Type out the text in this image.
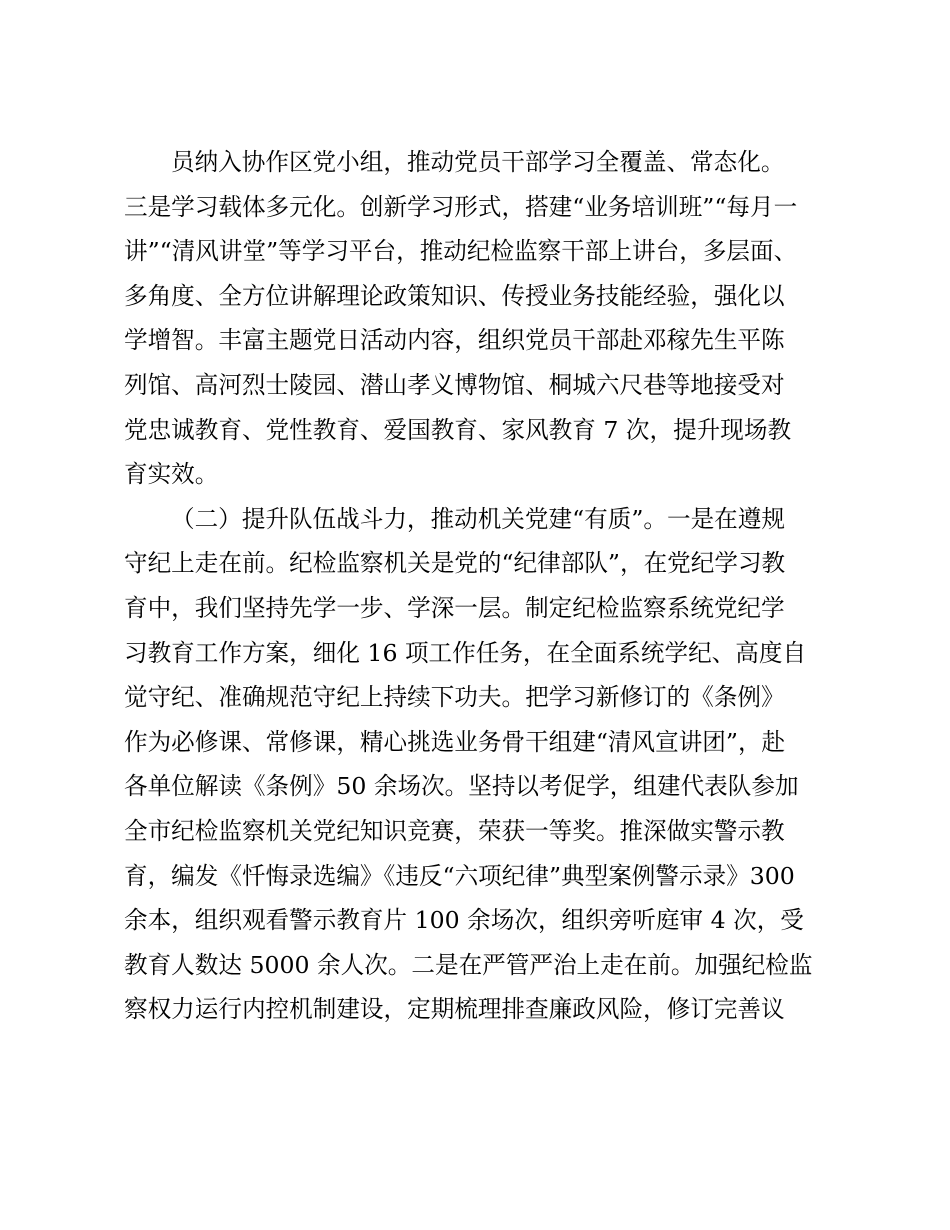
员纳入协作区党小组，推动党员干部学习全覆盖、常态化。
三是学习载体多元化。创新学习形式，搭建“业务培训班”“每月一
讲”“清风讲堂”等学习平台，推动纪检监察干部上讲台，多层面、
多角度、全方位讲解理论政策知识、传授业务技能经验，强化以
学增智。丰富主题党日活动内容，组织党员干部赴邓稼先生平陈
列馆、高河烈士陵园、潜山孝义博物馆、桐城六尺巷等地接受对
党忠诚教育、党性教育、爱国教育、家风教育 7 次，提升现场教
育实效。
（二）提升队伍战斗力，推动机关党建“有质”。一是在遵规
守纪上走在前。纪检监察机关是党的“纪律部队”，在党纪学习教
育中，我们坚持先学一步、学深一层。制定纪检监察系统党纪学
习教育工作方案，细化 16 项工作任务，在全面系统学纪、高度自
觉守纪、准确规范守纪上持续下功夫。把学习新修订的《条例》
作为必修课、常修课，精心挑选业务骨干组建“清风宣讲团”，赴
各单位解读《条例》50 余场次。坚持以考促学，组建代表队参加
全市纪检监察机关党纪知识竞赛，荣获一等奖。推深做实警示教
育，编发《忏悔录选编》《违反“六项纪律”典型案例警示录》300
余本，组织观看警示教育片 100 余场次，组织旁听庭审 4 次，受
教育人数达 5000 余人次。二是在严管严治上走在前。加强纪检监
察权力运行内控机制建设，定期梳理排查廉政风险，修订完善议
